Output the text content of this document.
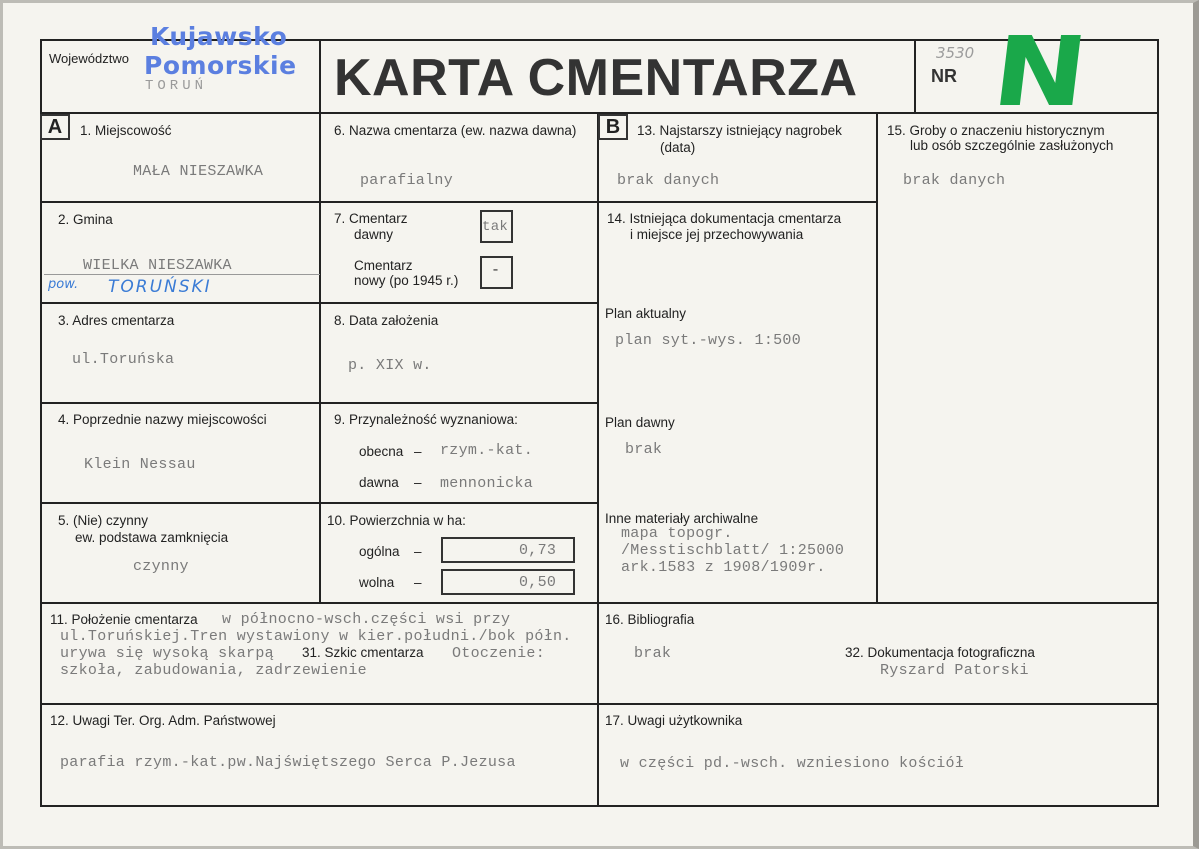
Województwo
Kujawsko
Pomorskie
TORUŃ KARTA CMENTARZA	NR
3530 N
A	B
1. Miejscowość
MAŁA NIESZAWKA
6. Nazwa cmentarza (ew. nazwa dawna)
parafialny
13. Najstarszy istniejący nagrobek
(data)
brak danych
15. Groby o znaczeniu historycznym
lub osób szczególnie zasłużonych
brak danych
2. Gmina
WIELKA NIESZAWKA
pow. TORUŃSKI
7. Cmentarz
dawny	tak
Cmentarz
nowy (po 1945 r.)
-
14. Istniejąca dokumentacja cmentarza
i miejsce jej przechowywania
Plan aktualny
plan syt.-wys. 1:500
Plan dawny
brak
Inne materiały archiwalne
mapa topogr.
/Messtischblatt/ 1:25000
ark.1583 z 1908/1909r.
3. Adres cmentarza
ul.Toruńska
8. Data założenia
p. XIX w.
4. Poprzednie nazwy miejscowości
Klein Nessau
9. Przynależność wyznaniowa:
obecna – rzym.-kat.
dawna – mennonicka
5. (Nie) czynny
ew. podstawa zamknięcia
czynny
10. Powierzchnia w ha:
ogólna –	0,73
wolna –	0,50
11. Położenie cmentarza w północno-wsch.części wsi przy
ul.Toruńskiej.Tren wystawiony w kier.południ./bok półn.
urywa się wysoką skarpą 31. Szkic cmentarza Otoczenie:
szkoła, zabudowania, zadrzewienie
16. Bibliografia
brak	32. Dokumentacja fotograficzna
Ryszard Patorski
12. Uwagi Ter. Org. Adm. Państwowej
parafia rzym.-kat.pw.Najświętszego Serca P.Jezusa
17. Uwagi użytkownika
w części pd.-wsch. wzniesiono kościół
